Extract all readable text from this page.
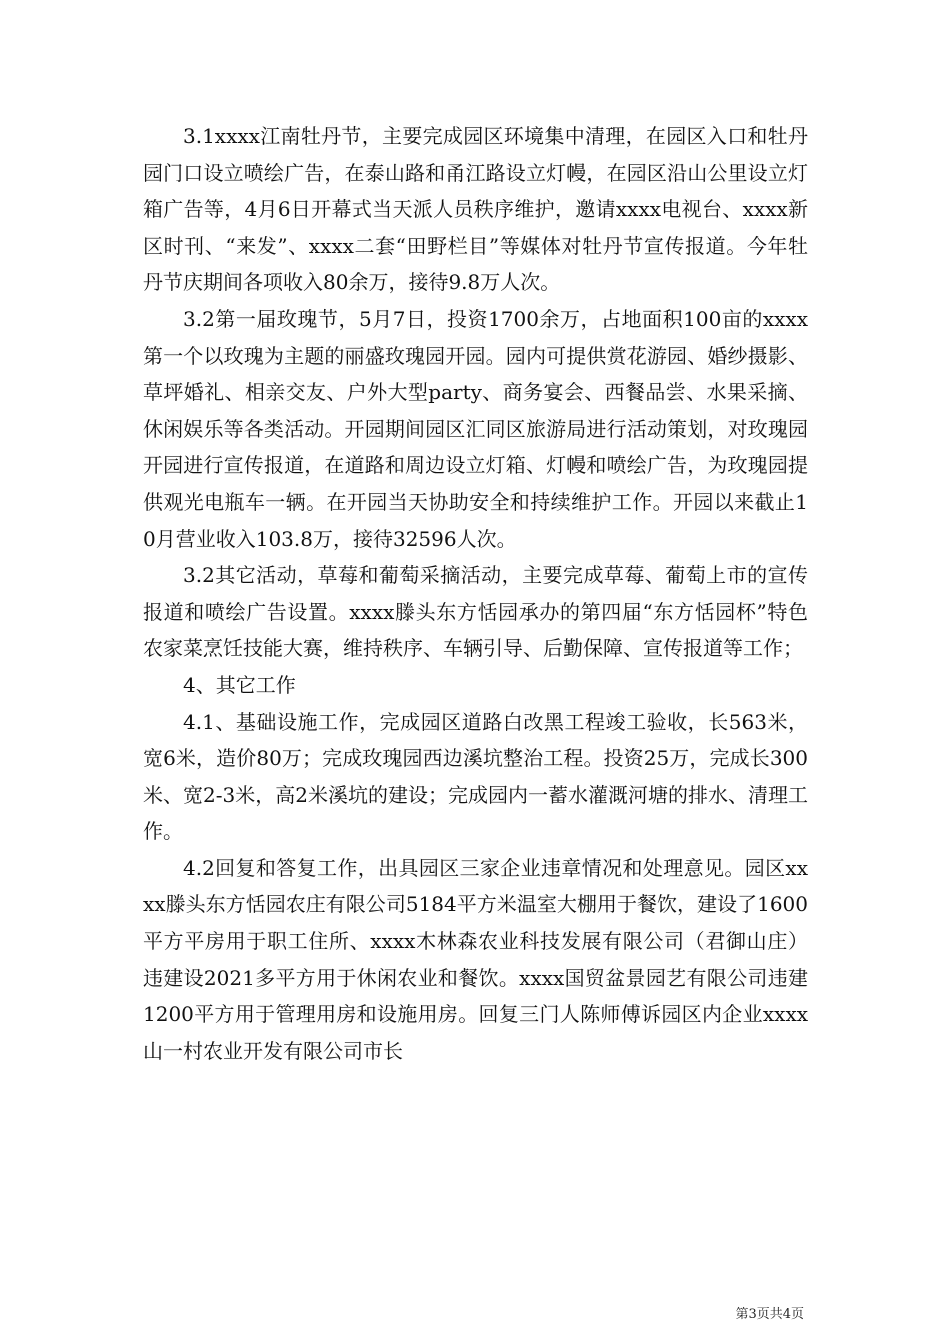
3.1xxxx江南牡丹节，主要完成园区环境集中清理，在园区入口和牡丹园门口设立喷绘广告，在泰山路和甬江路设立灯幔，在园区沿山公里设立灯箱广告等，4月6日开幕式当天派人员秩序维护，邀请xxxx电视台、xxxx新区时刊、“来发”、xxxx二套“田野栏目”等媒体对牡丹节宣传报道。今年牡丹节庆期间各项收入80余万，接待9.8万人次。

3.2第一届玫瑰节，5月7日，投资1700余万，占地面积100亩的xxxx第一个以玫瑰为主题的丽盛玫瑰园开园。园内可提供赏花游园、婚纱摄影、草坪婚礼、相亲交友、户外大型party、商务宴会、西餐品尝、水果采摘、休闲娱乐等各类活动。开园期间园区汇同区旅游局进行活动策划，对玫瑰园开园进行宣传报道，在道路和周边设立灯箱、灯幔和喷绘广告，为玫瑰园提供观光电瓶车一辆。在开园当天协助安全和持续维护工作。开园以来截止10月营业收入103.8万，接待32596人次。

3.2其它活动，草莓和葡萄采摘活动，主要完成草莓、葡萄上市的宣传报道和喷绘广告设置。xxxx滕头东方恬园承办的第四届“东方恬园杯”特色农家菜烹饪技能大赛，维持秩序、车辆引导、后勤保障、宣传报道等工作；

4、其它工作

4.1、基础设施工作，完成园区道路白改黑工程竣工验收，长563米，宽6米，造价80万；完成玫瑰园西边溪坑整治工程。投资25万，完成长300米、宽2-3米，高2米溪坑的建设；完成园内一蓄水灌溉河塘的排水、清理工作。

4.2回复和答复工作，出具园区三家企业违章情况和处理意见。园区xxxx滕头东方恬园农庄有限公司5184平方米温室大棚用于餐饮，建设了1600平方平房用于职工住所、xxxx木林森农业科技发展有限公司（君御山庄）违建设2021多平方用于休闲农业和餐饮。xxxx国贸盆景园艺有限公司违建1200平方用于管理用房和设施用房。回复三门人陈师傅诉园区内企业xxxx山一村农业开发有限公司市长

第3页共4页
